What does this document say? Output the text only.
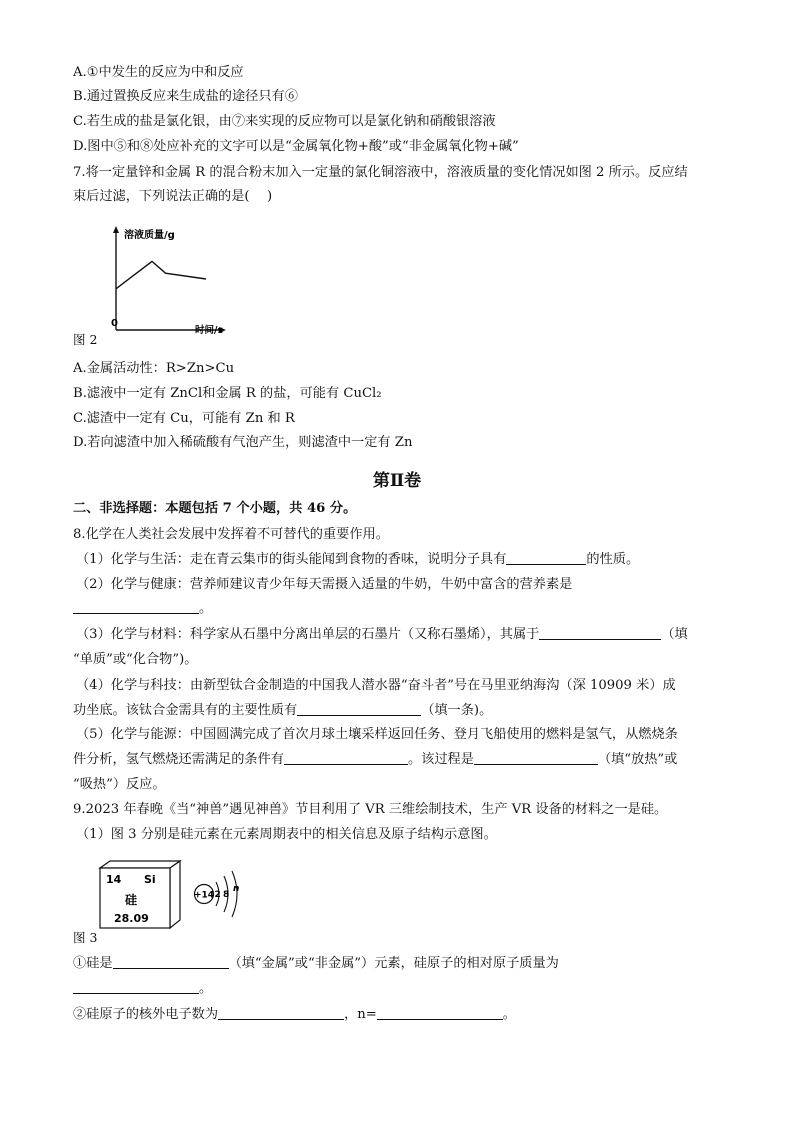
A.①中发生的反应为中和反应
B.通过置换反应来生成盐的途径只有⑥
C.若生成的盐是氯化银，由⑦来实现的反应物可以是氯化钠和硝酸银溶液
D.图中⑤和⑧处应补充的文字可以是“金属氧化物+酸”或“非金属氧化物+碱”
7.将一定量锌和金属 R 的混合粉末加入一定量的氯化铜溶液中，溶液质量的变化情况如图 2 所示。反应结
束后过滤，下列说法正确的是(　 )
溶液质量/g
时间/s
0
图 2
A.金属活动性：R>Zn>Cu
B.滤液中一定有 ZnCl和金属 R 的盐，可能有 CuCl₂
C.滤渣中一定有 Cu，可能有 Zn 和 R
D.若向滤渣中加入稀硫酸有气泡产生，则滤渣中一定有 Zn
第Ⅱ卷
二、非选择题：本题包括 7 个小题，共 46 分。
8.化学在人类社会发展中发挥着不可替代的重要作用。
（1）化学与生活：走在青云集市的街头能闻到食物的香味，说明分子具有	的性质。
（2）化学与健康：营养师建议青少年每天需摄入适量的牛奶，牛奶中富含的营养素是
。
（3）化学与材料：科学家从石墨中分离出单层的石墨片（又称石墨烯），其属于	（填
“单质”或“化合物”)。
（4）化学与科技：由新型钛合金制造的中国我人潜水器“奋斗者”号在马里亚纳海沟（深 10909 米）成
功坐底。该钛合金需具有的主要性质有	（填一条)。
（5）化学与能源：中国圆满完成了首次月球土壤采样返回任务、登月飞船使用的燃料是氢气，从燃烧条
件分析，氢气燃烧还需满足的条件有	。该过程是	（填“放热”或
“吸热”）反应。
9.2023 年春晚《当“神兽”遇见神兽》节目利用了 VR 三维绘制技术，生产 VR 设备的材料之一是硅。
（1）图 3 分别是硅元素在元素周期表中的相关信息及原子结构示意图。
14 Si
硅
28.09
+14 2 8
n
图 3
①硅是	（填“金属”或“非金属”）元素，硅原子的相对原子质量为
。
②硅原子的核外电子数为	，n=	。
